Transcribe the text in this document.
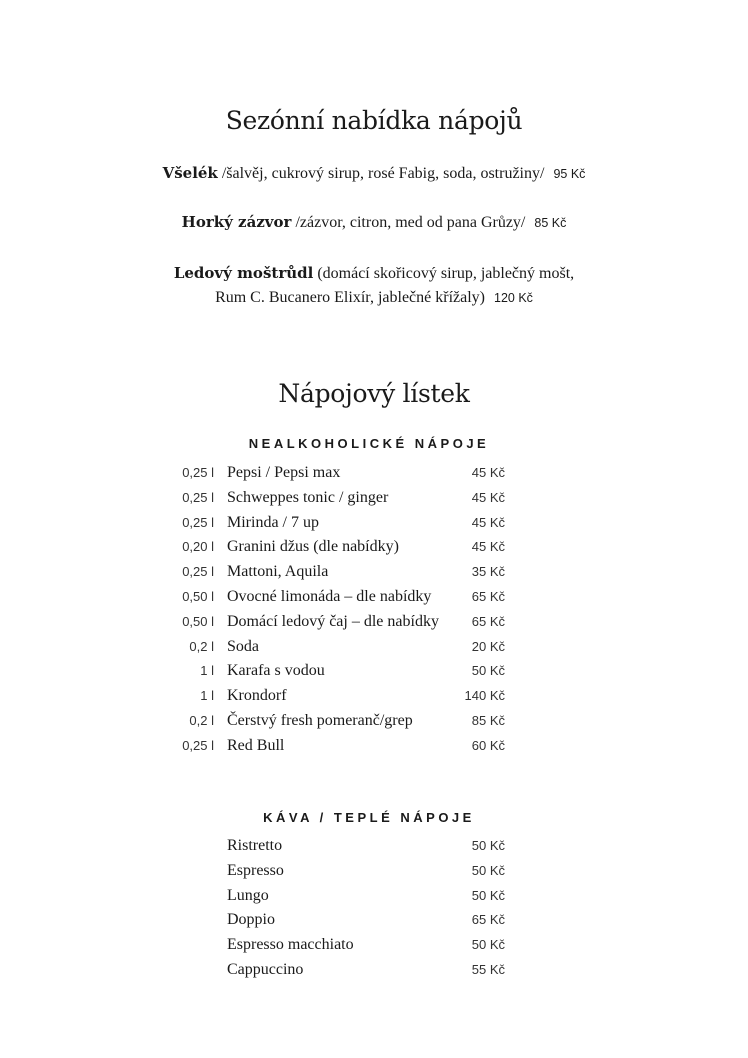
Sezónní nabídka nápojů
Všelék /šalvěj, cukrový sirup, rosé Fabig, soda, ostružiny/ 95 Kč
Horký zázvor /zázvor, citron, med od pana Grůzy/ 85 Kč
Ledový moštrůdl (domácí skořicový sirup, jablečný mošt,
Rum C. Bucanero Elixír, jablečné křížaly) 120 Kč
Nápojový lístek
NEALKOHOLICKÉ NÁPOJE
0,25 l Pepsi / Pepsi max	45 Kč
0,25 l Schweppes tonic / ginger	45 Kč
0,25 l Mirinda / 7 up	45 Kč
0,20 l Granini džus (dle nabídky)	45 Kč
0,25 l Mattoni, Aquila	35 Kč
0,50 l Ovocné limonáda – dle nabídky	65 Kč
0,50 l Domácí ledový čaj – dle nabídky	65 Kč
0,2 l Soda	20 Kč
1 l Karafa s vodou	50 Kč
1 l Krondorf	140 Kč
0,2 l Čerstvý fresh pomeranč/grep	85 Kč
0,25 l Red Bull	60 Kč
KÁVA / TEPLÉ NÁPOJE
Ristretto	50 Kč
Espresso	50 Kč
Lungo	50 Kč
Doppio	65 Kč
Espresso macchiato	50 Kč
Cappuccino	55 Kč
